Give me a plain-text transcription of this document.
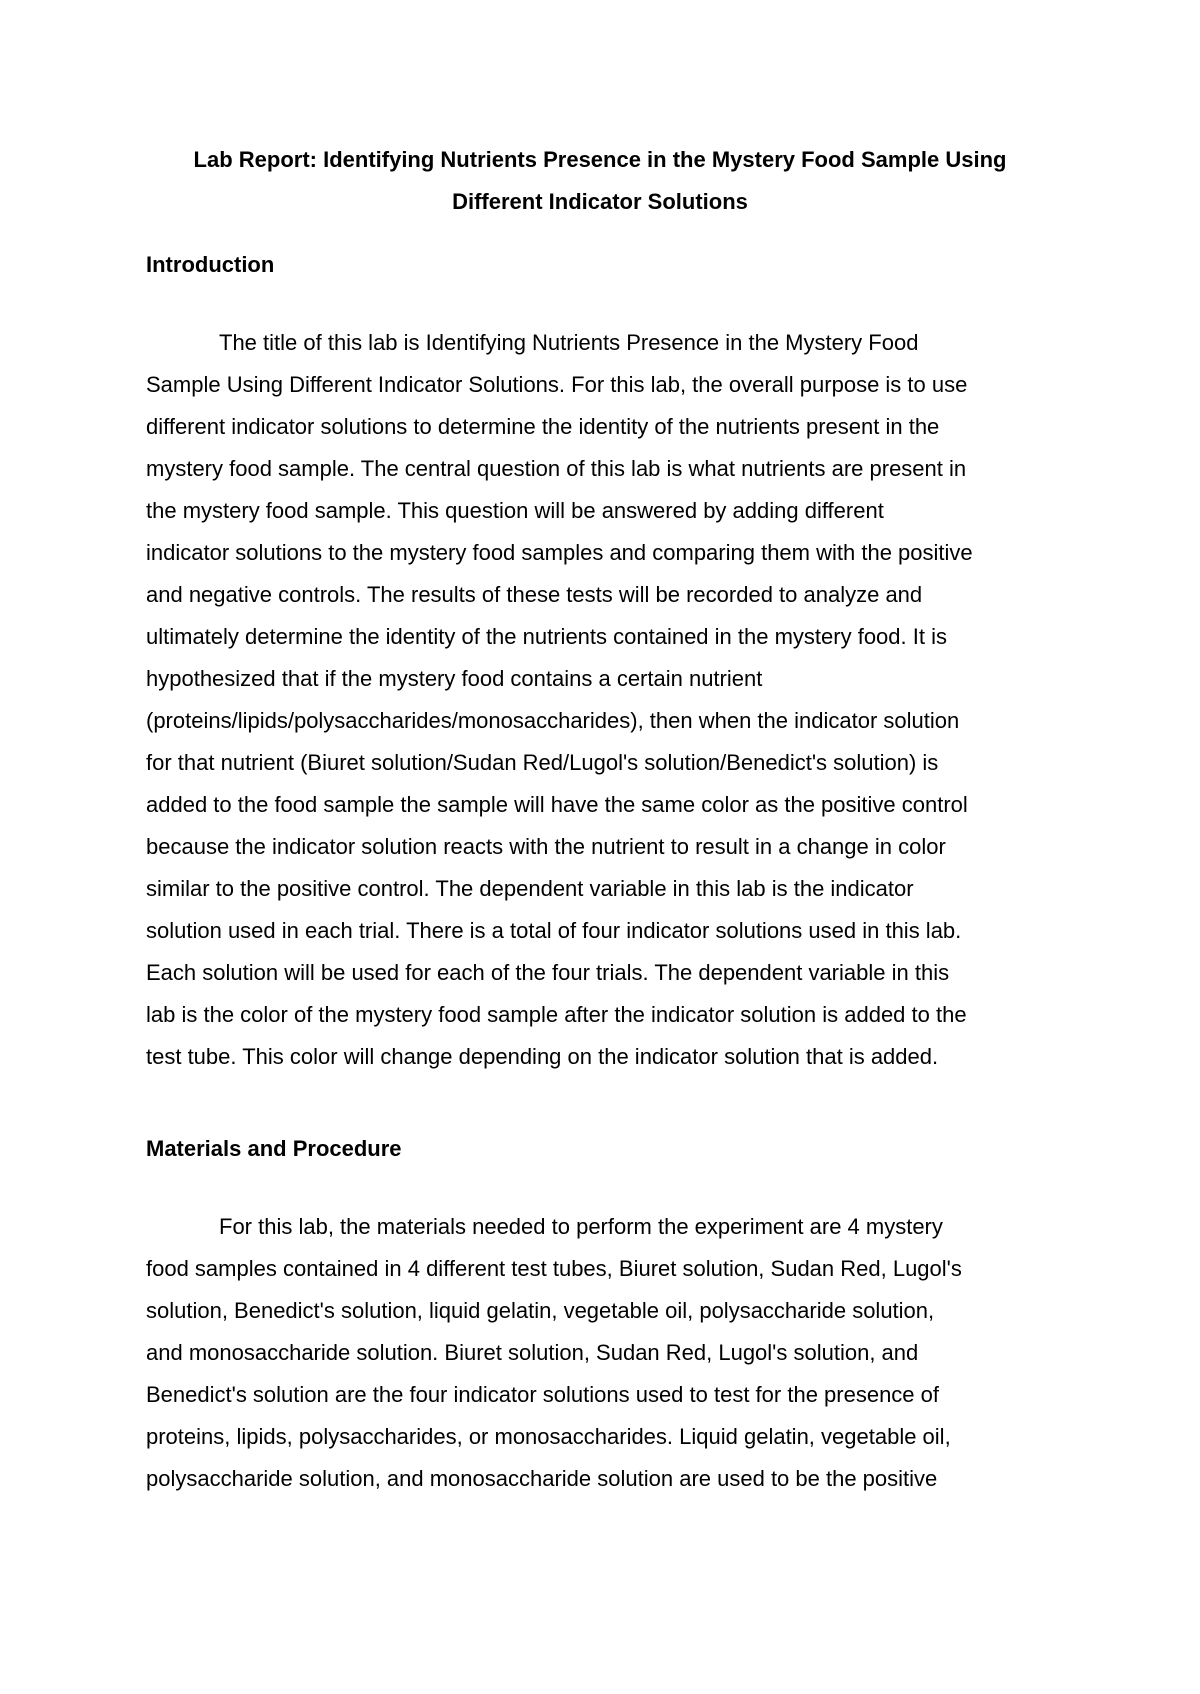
Lab Report: Identifying Nutrients Presence in the Mystery Food Sample Using
Different Indicator Solutions
Introduction
The title of this lab is Identifying Nutrients Presence in the Mystery Food
Sample Using Different Indicator Solutions. For this lab, the overall purpose is to use
different indicator solutions to determine the identity of the nutrients present in the
mystery food sample. The central question of this lab is what nutrients are present in
the mystery food sample. This question will be answered by adding different
indicator solutions to the mystery food samples and comparing them with the positive
and negative controls. The results of these tests will be recorded to analyze and
ultimately determine the identity of the nutrients contained in the mystery food. It is
hypothesized that if the mystery food contains a certain nutrient
(proteins/lipids/polysaccharides/monosaccharides), then when the indicator solution
for that nutrient (Biuret solution/Sudan Red/Lugol's solution/Benedict's solution) is
added to the food sample the sample will have the same color as the positive control
because the indicator solution reacts with the nutrient to result in a change in color
similar to the positive control. The dependent variable in this lab is the indicator
solution used in each trial. There is a total of four indicator solutions used in this lab.
Each solution will be used for each of the four trials. The dependent variable in this
lab is the color of the mystery food sample after the indicator solution is added to the
test tube. This color will change depending on the indicator solution that is added.
Materials and Procedure
For this lab, the materials needed to perform the experiment are 4 mystery
food samples contained in 4 different test tubes, Biuret solution, Sudan Red, Lugol's
solution, Benedict's solution, liquid gelatin, vegetable oil, polysaccharide solution,
and monosaccharide solution. Biuret solution, Sudan Red, Lugol's solution, and
Benedict's solution are the four indicator solutions used to test for the presence of
proteins, lipids, polysaccharides, or monosaccharides. Liquid gelatin, vegetable oil,
polysaccharide solution, and monosaccharide solution are used to be the positive
